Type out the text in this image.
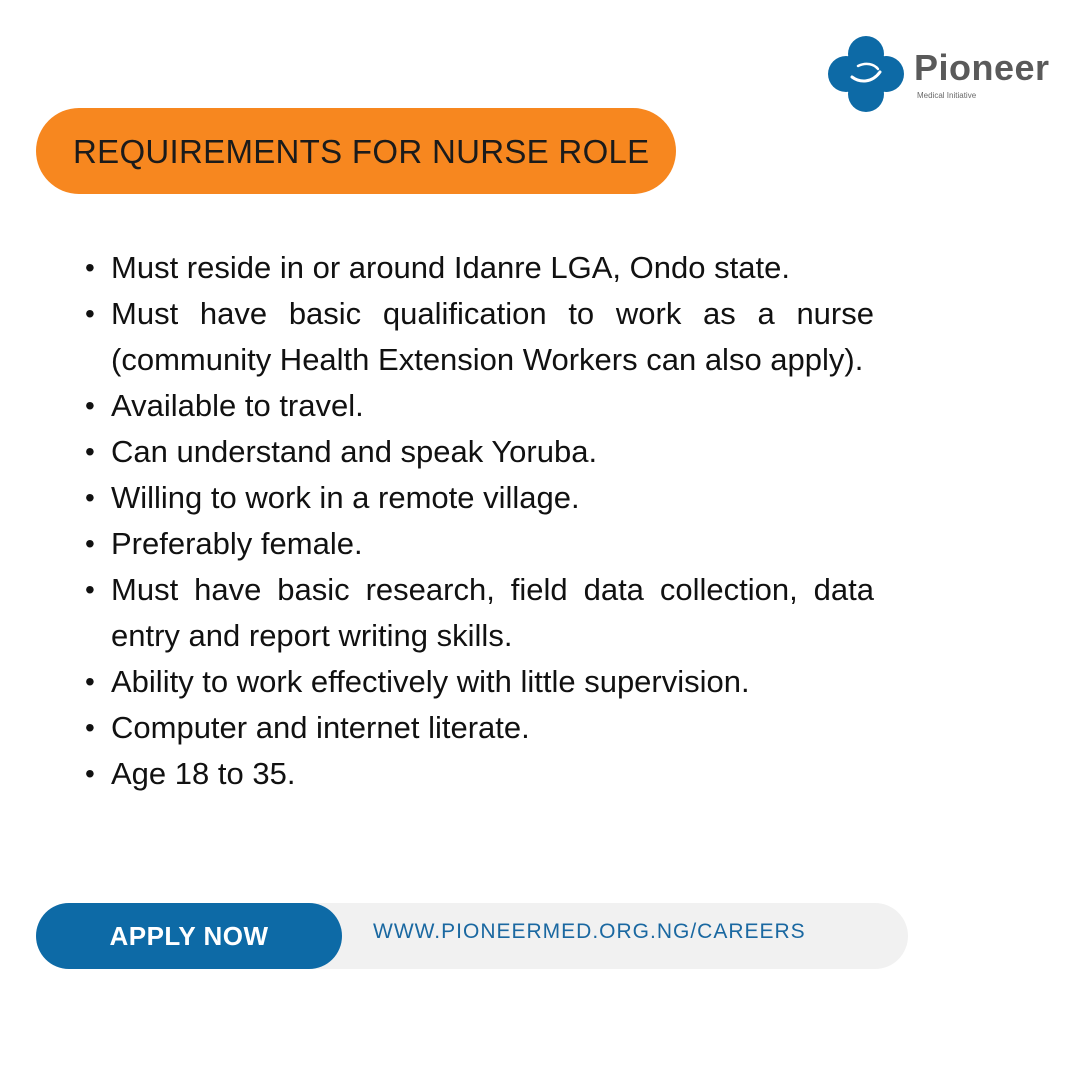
Pioneer
Medical Initiative
REQUIREMENTS FOR NURSE ROLE
• Must reside in or around Idanre LGA, Ondo state.
• Must have basic qualification to work as a nurse (community Health Extension Workers can also apply).
• Available to travel.
• Can understand and speak Yoruba.
• Willing to work in a remote village.
• Preferably female.
• Must have basic research, field data collection, data entry and report writing skills.
• Ability to work effectively with little supervision.
• Computer and internet literate.
• Age 18 to 35.
APPLY NOW	WWW.PIONEERMED.ORG.NG/CAREERS
